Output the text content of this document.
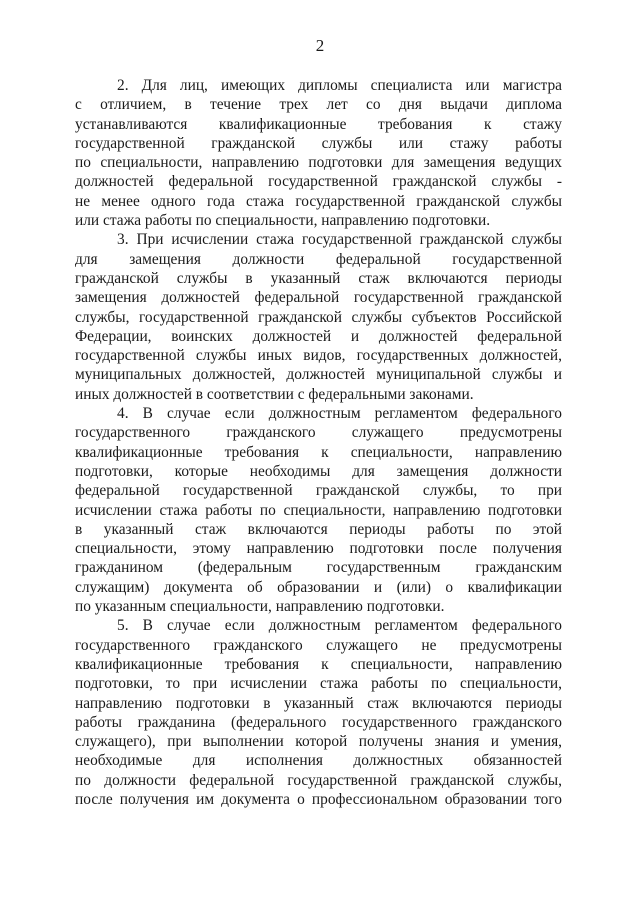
2
2. Для лиц, имеющих дипломы специалиста или магистра
с отличием, в течение трех лет со дня выдачи диплома
устанавливаются квалификационные требования к стажу
государственной гражданской службы или стажу работы
по специальности, направлению подготовки для замещения ведущих
должностей федеральной государственной гражданской службы -
не менее одного года стажа государственной гражданской службы
или стажа работы по специальности, направлению подготовки.
3. При исчислении стажа государственной гражданской службы
для замещения должности федеральной государственной
гражданской службы в указанный стаж включаются периоды
замещения должностей федеральной государственной гражданской
службы, государственной гражданской службы субъектов Российской
Федерации, воинских должностей и должностей федеральной
государственной службы иных видов, государственных должностей,
муниципальных должностей, должностей муниципальной службы и
иных должностей в соответствии с федеральными законами.
4. В случае если должностным регламентом федерального
государственного гражданского служащего предусмотрены
квалификационные требования к специальности, направлению
подготовки, которые необходимы для замещения должности
федеральной государственной гражданской службы, то при
исчислении стажа работы по специальности, направлению подготовки
в указанный стаж включаются периоды работы по этой
специальности, этому направлению подготовки после получения
гражданином (федеральным государственным гражданским
служащим) документа об образовании и (или) о квалификации
по указанным специальности, направлению подготовки.
5. В случае если должностным регламентом федерального
государственного гражданского служащего не предусмотрены
квалификационные требования к специальности, направлению
подготовки, то при исчислении стажа работы по специальности,
направлению подготовки в указанный стаж включаются периоды
работы гражданина (федерального государственного гражданского
служащего), при выполнении которой получены знания и умения,
необходимые для исполнения должностных обязанностей
по должности федеральной государственной гражданской службы,
после получения им документа о профессиональном образовании того
